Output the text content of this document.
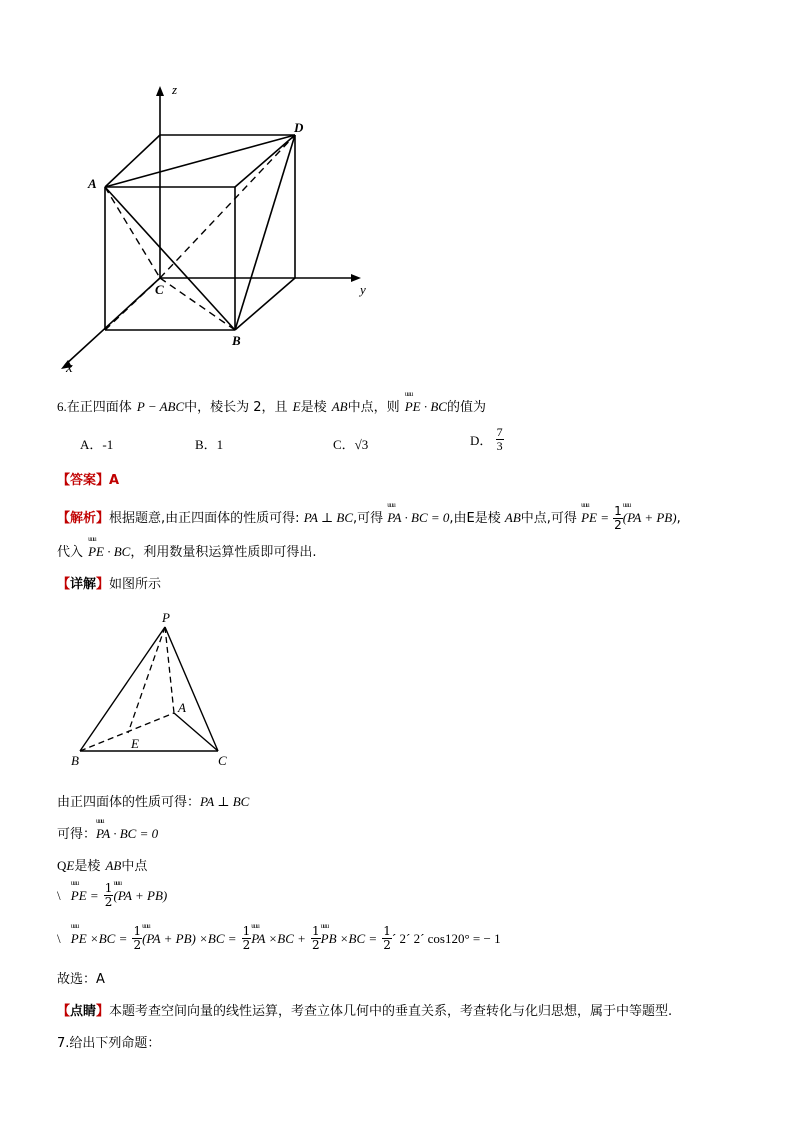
z
y
x
A
B
C
D
6.在正四面体 P − ABC中，棱长为 2，且 E是棱 AB中点，则 uuu PE · BC的值为
A．-1	B．1	C．√3	D． $\frac{7}{3}$
【答案】A
【解析】根据题意,由正四面体的性质可得: PA ⊥ BC,可得 uuu PA · BC = 0,由E是棱 AB中点,可得 uuu PE = $\frac{1}{2}$ uuu (PA + PB),
代入 uuu PE · BC，利用数量积运算性质即可得出.
【详解】如图所示
P
A
B	C
E
由正四面体的性质可得：PA ⊥ BC
可得：uuu PA · BC = 0
QE是棱 AB中点
\ uuu PE = $\frac{1}{2}$ uuu (PA + PB)
\ uuu PE $\times BC = \frac{1}{2}$ uuu $(PA + PB) \times BC = \frac{1}{2}$ uuu PA $\times BC + \frac{1}{2}$ uuu PB $\times BC = \frac{1}{2}$ ´ 2´ 2´ cos120° = − 1
故选：A
【点睛】本题考查空间向量的线性运算，考查立体几何中的垂直关系，考查转化与化归思想，属于中等题型.
7.给出下列命题：
